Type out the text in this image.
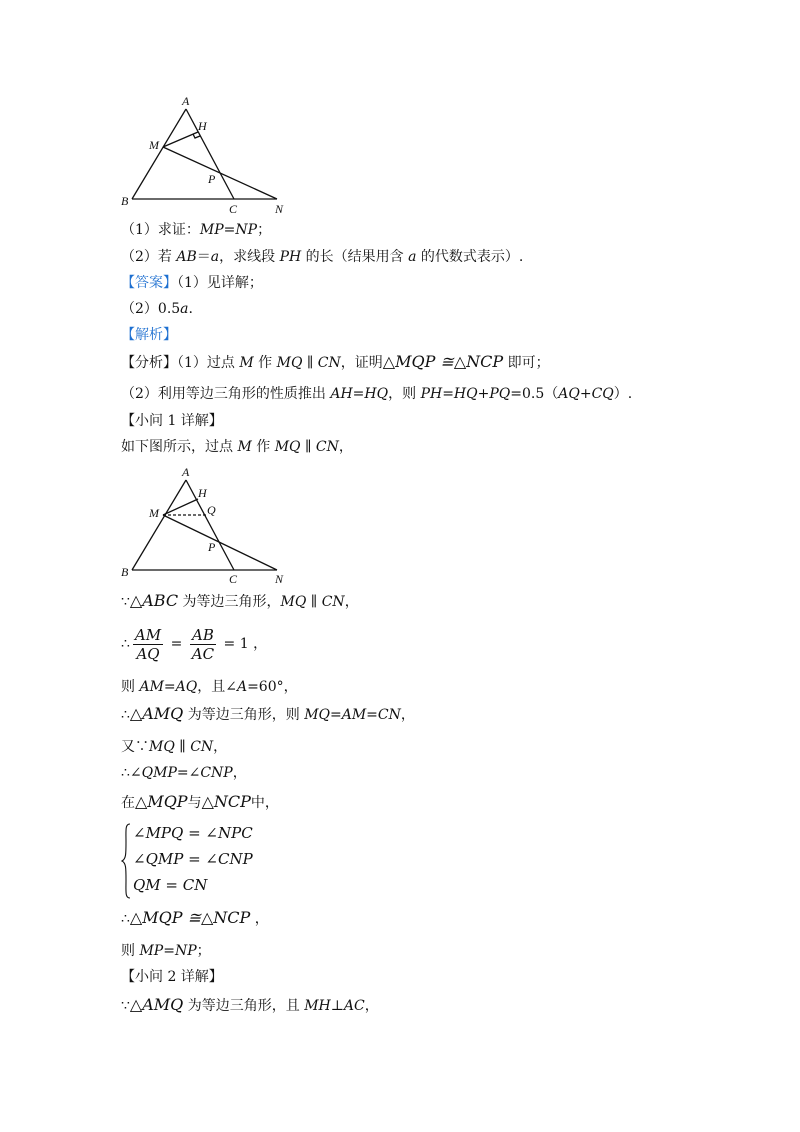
A
H
M
P
B
C	N
（1）求证：MP=NP；
（2）若 AB＝a，求线段 PH 的长（结果用含 a 的代数式表示）.
【答案】（1）见详解；
（2）0.5a.
【解析】
【分析】（1）过点 M 作 MQ ∥ CN，证明△MQP ≅△NCP 即可；
（2）利用等边三角形的性质推出 AH=HQ，则 PH=HQ+PQ=0.5（AQ+CQ）.
【小问 1 详解】
如下图所示，过点 M 作 MQ ∥ CN，
A
H
M	Q
P
B	C	N
∵△ABC 为等边三角形，MQ ∥ CN，
∴ $\frac{AM}{AQ} = \frac{AB}{AC} = 1$ ，
则 AM=AQ，且∠A=60°，
∴△AMQ 为等边三角形，则 MQ=AM=CN，
又∵MQ ∥ CN，
∴∠QMP=∠CNP，
在△MQP与△NCP中，
∠MPQ = ∠NPC
∠QMP = ∠CNP
QM = CN
∴△MQP ≅△NCP ，
则 MP=NP；
【小问 2 详解】
∵△AMQ 为等边三角形，且 MH⊥AC，
